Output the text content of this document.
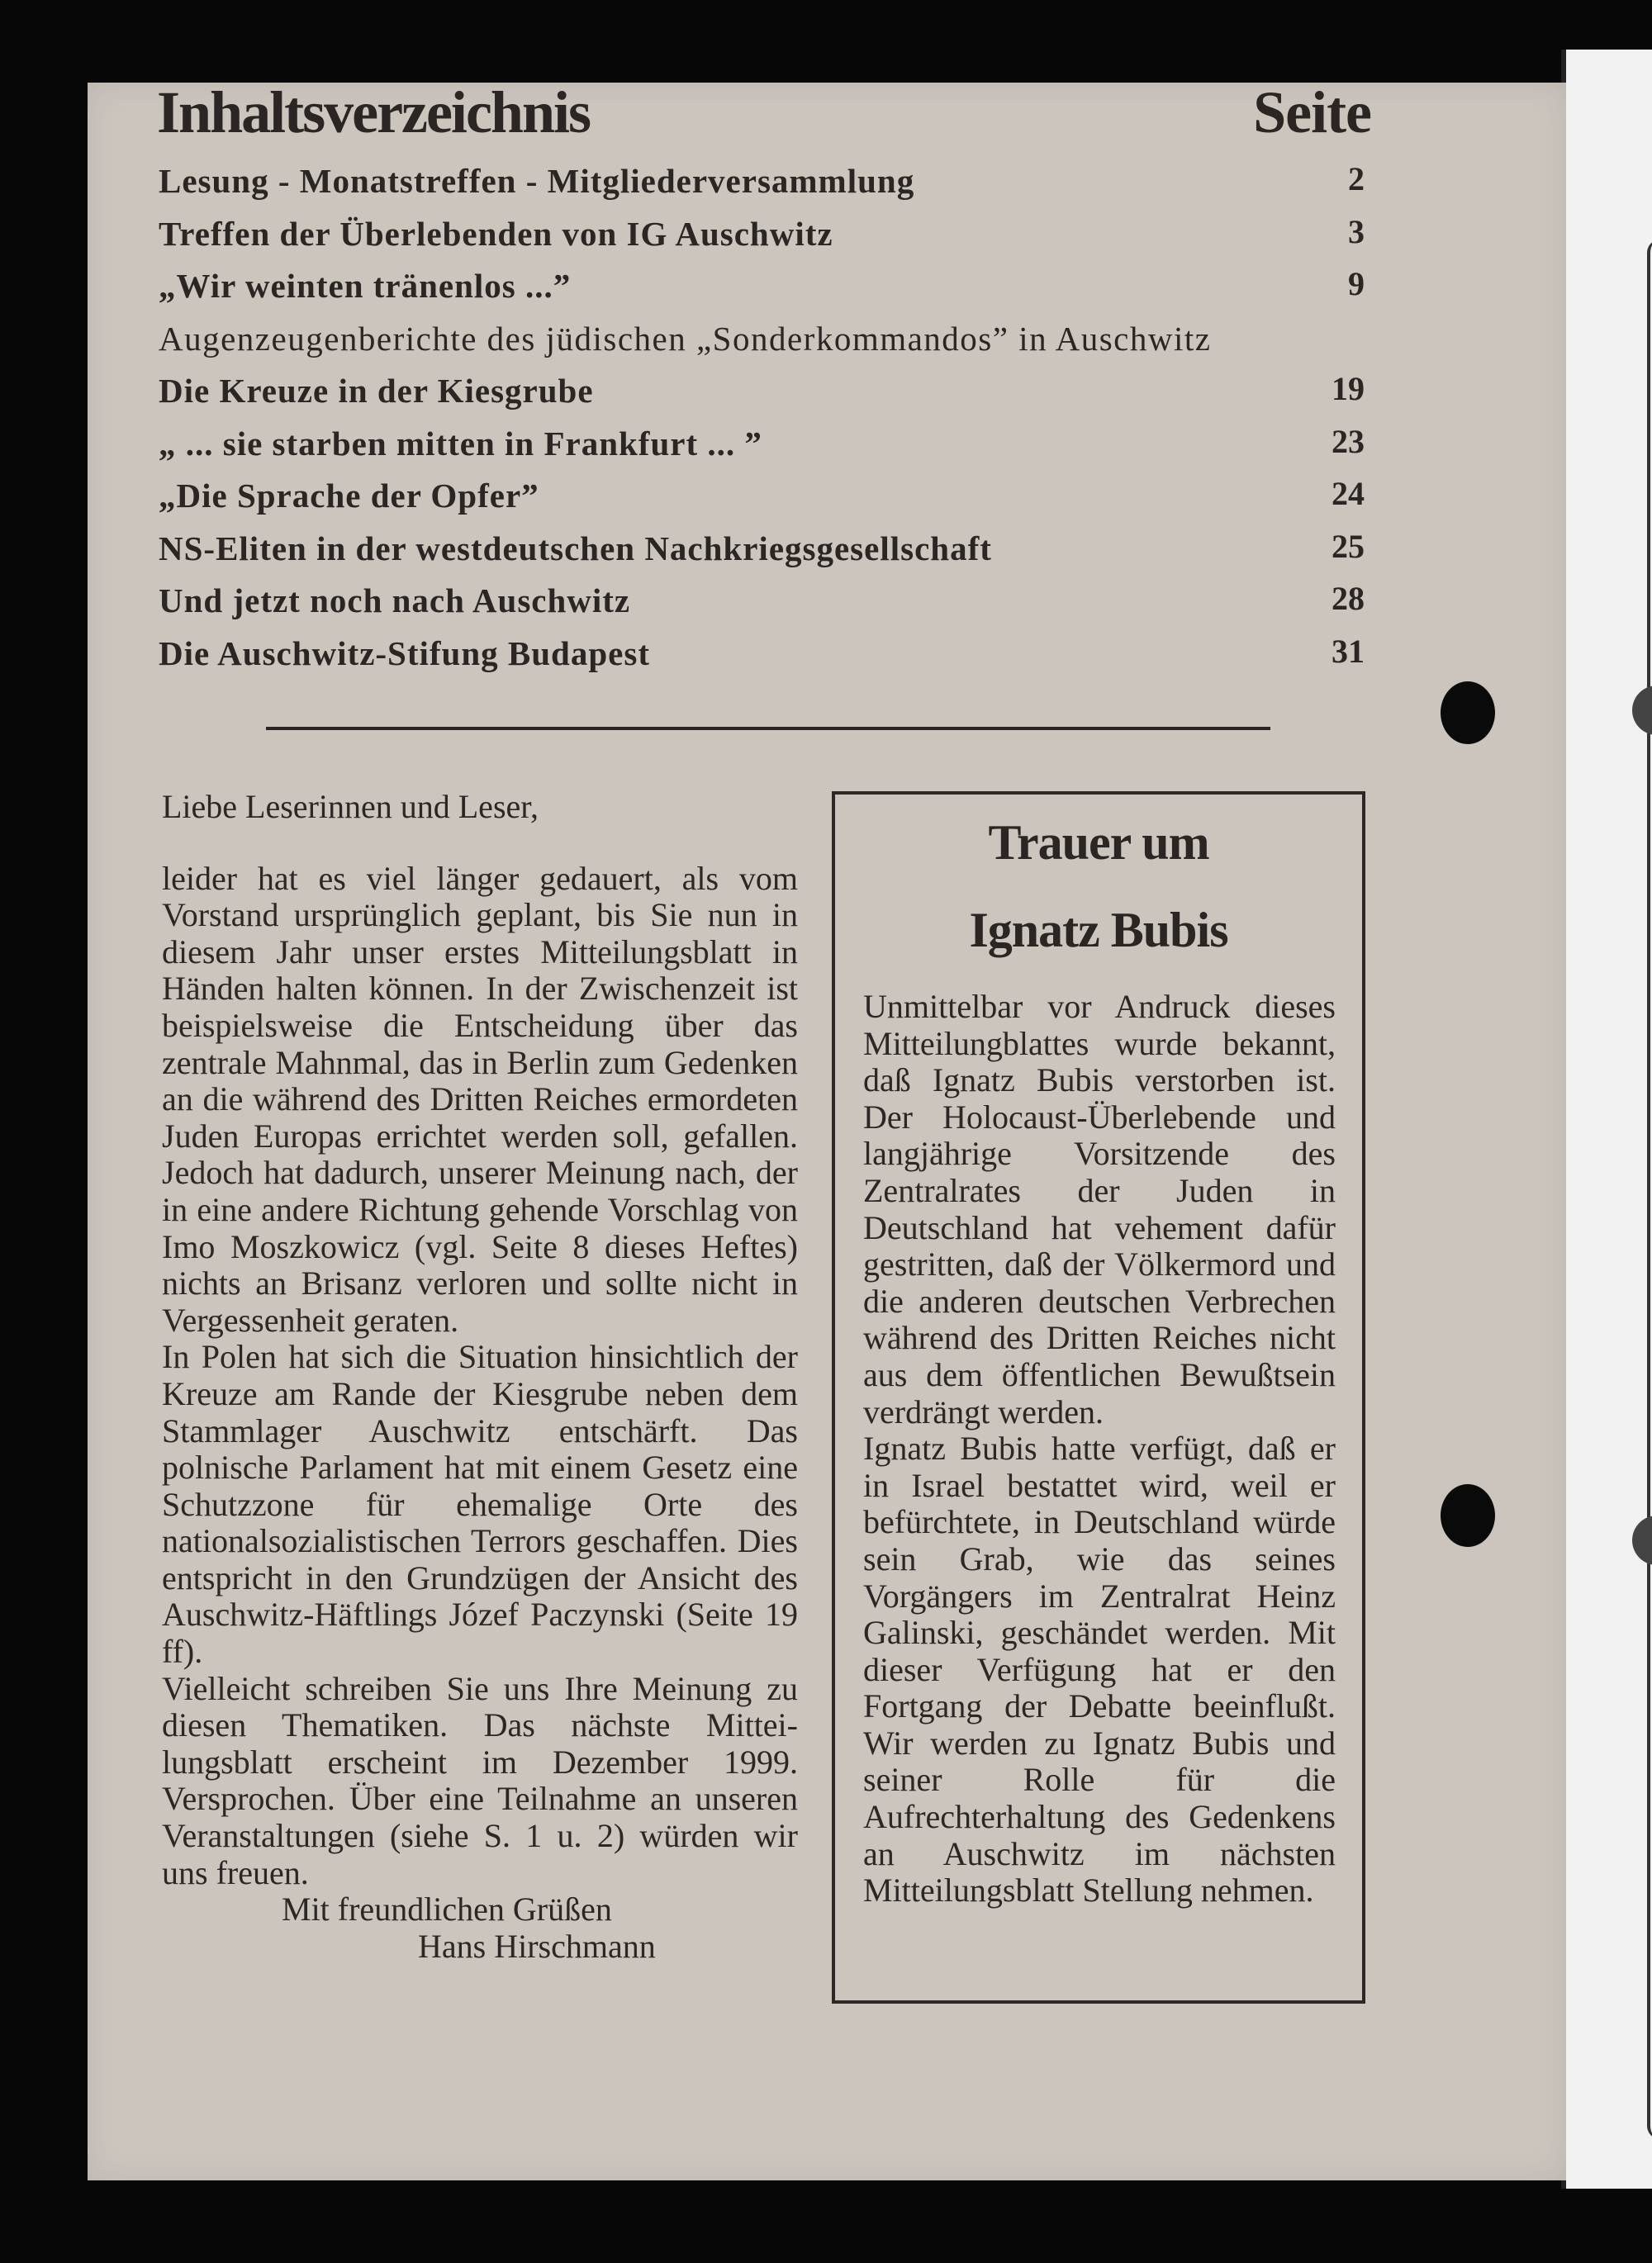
Inhaltsverzeichnis	Seite
Lesung - Monatstreffen - Mitgliederversammlung	2
Treffen der Überlebenden von IG Auschwitz	3
„Wir weinten tränenlos ...”	9
Augenzeugenberichte des jüdischen „Sonderkommandos” in Auschwitz
Die Kreuze in der Kiesgrube	19
„ ... sie starben mitten in Frankfurt ... ”	23
„Die Sprache der Opfer”	24
NS-Eliten in der westdeutschen Nachkriegsgesellschaft	25
Und jetzt noch nach Auschwitz	28
Die Auschwitz-Stifung Budapest	31
Liebe Leserinnen und Leser,
leider hat es viel länger gedauert, als vom Vorstand ursprünglich geplant, bis Sie nun in diesem Jahr unser erstes Mitteilungsblatt in Händen halten können. In der Zwischenzeit ist beispielsweise die Entscheidung über das zentrale Mahnmal, das in Berlin zum Gedenken an die während des Dritten Reiches ermordeten Juden Europas errichtet werden soll, gefallen. Jedoch hat dadurch, unserer Meinung nach, der in eine andere Richtung gehende Vorschlag von Imo Moszkowicz (vgl. Seite 8 dieses Heftes) nichts an Brisanz verloren und sollte nicht in Vergessenheit geraten.
In Polen hat sich die Situation hinsichtlich der Kreuze am Rande der Kiesgrube neben dem Stammlager Auschwitz entschärft. Das polnische Parlament hat mit einem Gesetz eine Schutzzone für ehemalige Orte des nationalsozialistischen Terrors geschaffen. Dies entspricht in den Grundzügen der Ansicht des Auschwitz-Häftlings Józef Paczynski (Seite 19 ff).
Vielleicht schreiben Sie uns Ihre Meinung zu diesen Thematiken. Das nächste Mitteilungsblatt erscheint im Dezember 1999. Versprochen. Über eine Teilnahme an unseren Veranstaltungen (siehe S. 1 u. 2) würden wir uns freuen.
Mit freundlichen Grüßen
Hans Hirschmann
Trauer um
Ignatz Bubis
Unmittelbar vor Andruck dieses Mitteilungblattes wurde bekannt, daß Ignatz Bubis verstorben ist. Der Holocaust-Überlebende und langjährige Vorsitzende des Zentralrates der Juden in Deutschland hat vehement dafür gestritten, daß der Völkermord und die anderen deutschen Verbrechen während des Dritten Reiches nicht aus dem öffentlichen Bewußtsein verdrängt werden.
Ignatz Bubis hatte verfügt, daß er in Israel bestattet wird, weil er befürchtete, in Deutschland würde sein Grab, wie das seines Vorgängers im Zentralrat Heinz Galinski, geschändet werden. Mit dieser Verfügung hat er den Fortgang der Debatte beeinflußt. Wir werden zu Ignatz Bubis und seiner Rolle für die Aufrechterhaltung des Gedenkens an Auschwitz im nächsten Mitteilungsblatt Stellung nehmen.
